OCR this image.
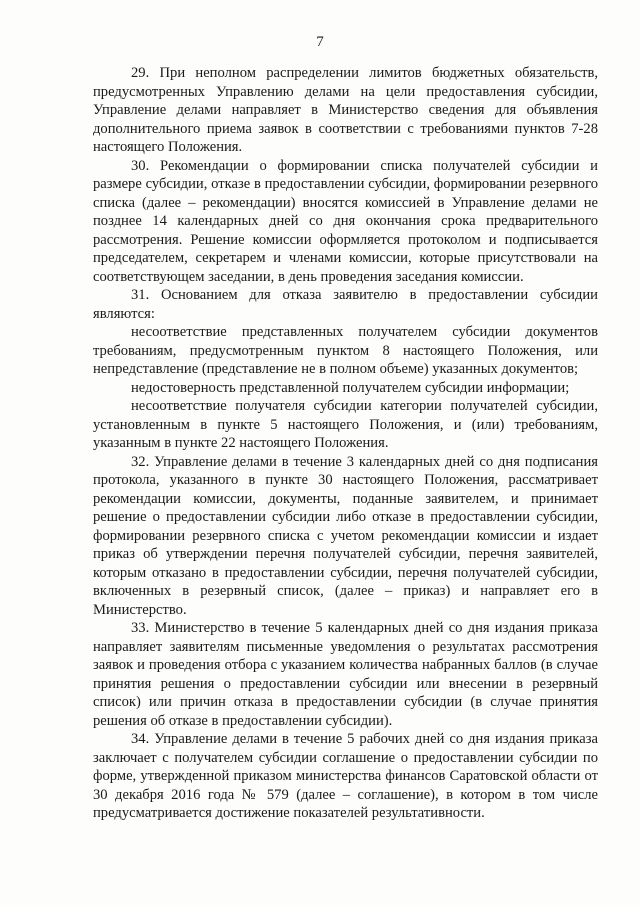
7

29. При неполном распределении лимитов бюджетных обязательств, предусмотренных Управлению делами на цели предоставления субсидии, Управление делами направляет в Министерство сведения для объявления дополнительного приема заявок в соответствии с требованиями пунктов 7-28 настоящего Положения.

30. Рекомендации о формировании списка получателей субсидии и размере субсидии, отказе в предоставлении субсидии, формировании резервного списка (далее – рекомендации) вносятся комиссией в Управление делами не позднее 14 календарных дней со дня окончания срока предварительного рассмотрения. Решение комиссии оформляется протоколом и подписывается председателем, секретарем и членами комиссии, которые присутствовали на соответствующем заседании, в день проведения заседания комиссии.

31. Основанием для отказа заявителю в предоставлении субсидии являются:

несоответствие представленных получателем субсидии документов требованиям, предусмотренным пунктом 8 настоящего Положения, или непредставление (представление не в полном объеме) указанных документов;

недостоверность представленной получателем субсидии информации;

несоответствие получателя субсидии категории получателей субсидии, установленным в пункте 5 настоящего Положения, и (или) требованиям, указанным в пункте 22 настоящего Положения.

32. Управление делами в течение 3 календарных дней со дня подписания протокола, указанного в пункте 30 настоящего Положения, рассматривает рекомендации комиссии, документы, поданные заявителем, и принимает решение о предоставлении субсидии либо отказе в предоставлении субсидии, формировании резервного списка с учетом рекомендации комиссии и издает приказ об утверждении перечня получателей субсидии, перечня заявителей, которым отказано в предоставлении субсидии, перечня получателей субсидии, включенных в резервный список, (далее – приказ) и направляет его в Министерство.

33. Министерство в течение 5 календарных дней со дня издания приказа направляет заявителям письменные уведомления о результатах рассмотрения заявок и проведения отбора с указанием количества набранных баллов (в случае принятия решения о предоставлении субсидии или внесении в резервный список) или причин отказа в предоставлении субсидии (в случае принятия решения об отказе в предоставлении субсидии).

34. Управление делами в течение 5 рабочих дней со дня издания приказа заключает с получателем субсидии соглашение о предоставлении субсидии по форме, утвержденной приказом министерства финансов Саратовской области от 30 декабря 2016 года № 579 (далее – соглашение), в котором в том числе предусматривается достижение показателей результативности.
